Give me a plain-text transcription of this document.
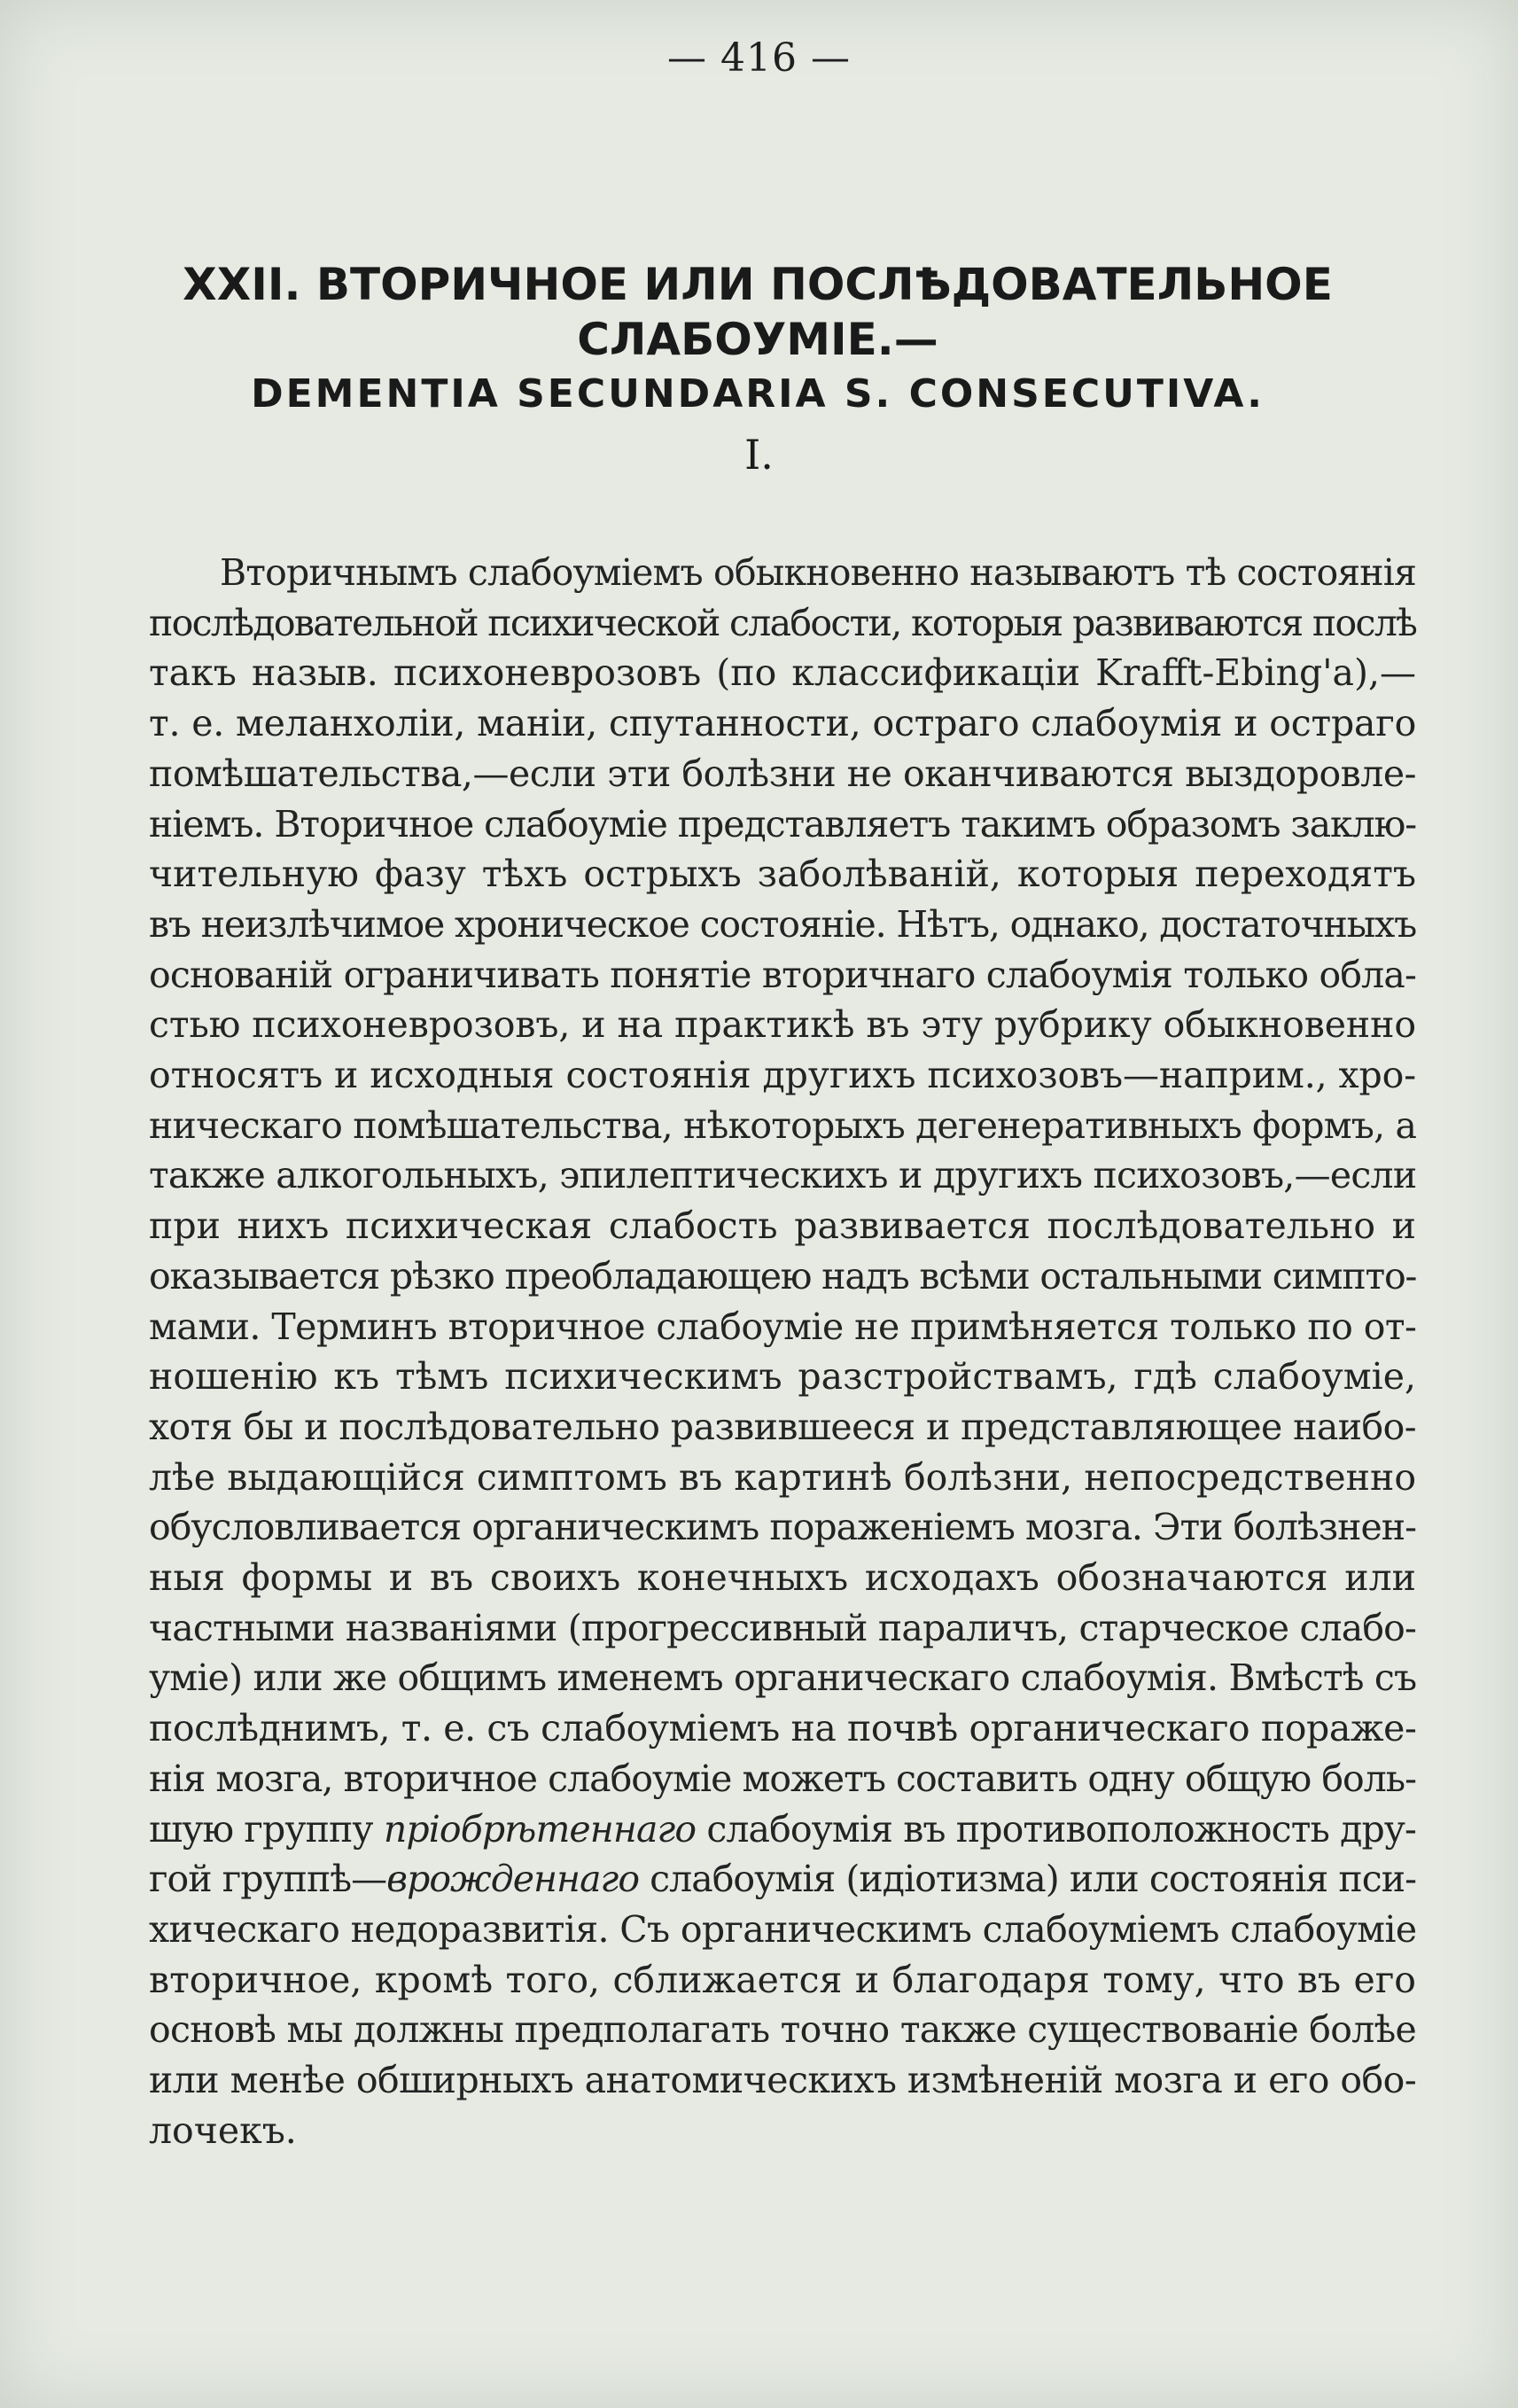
— 416 —
XXII. ВТОРИЧНОЕ ИЛИ ПОСЛѢДОВАТЕЛЬНОЕ СЛАБОУМІЕ.—
DEMENTIA SECUNDARIA S. CONSECUTIVA.
I.
Вторичнымъ слабоуміемъ обыкновенно называютъ тѣ состоянія
послѣдовательной психической слабости, которыя развиваются послѣ
такъ назыв. психоневрозовъ (по классификаціи Krafft-Ebing'a),—
т. е. меланхоліи, маніи, спутанности, остраго слабоумія и остраго
помѣшательства,—если эти болѣзни не оканчиваются выздоровле-
ніемъ. Вторичное слабоуміе представляетъ такимъ образомъ заклю-
чительную фазу тѣхъ острыхъ заболѣваній, которыя переходятъ
въ неизлѣчимое хроническое состояніе. Нѣтъ, однако, достаточныхъ
основаній ограничивать понятіе вторичнаго слабоумія только обла-
стью психоневрозовъ, и на практикѣ въ эту рубрику обыкновенно
относятъ и исходныя состоянія другихъ психозовъ—наприм., хро-
ническаго помѣшательства, нѣкоторыхъ дегенеративныхъ формъ, а
также алкогольныхъ, эпилептическихъ и другихъ психозовъ,—если
при нихъ психическая слабость развивается послѣдовательно и
оказывается рѣзко преобладающею надъ всѣми остальными симпто-
мами. Терминъ вторичное слабоуміе не примѣняется только по от-
ношенію къ тѣмъ психическимъ разстройствамъ, гдѣ слабоуміе,
хотя бы и послѣдовательно развившееся и представляющее наибо-
лѣе выдающійся симптомъ въ картинѣ болѣзни, непосредственно
обусловливается органическимъ пораженіемъ мозга. Эти болѣзнен-
ныя формы и въ своихъ конечныхъ исходахъ обозначаются или
частными названіями (прогрессивный параличъ, старческое слабо-
уміе) или же общимъ именемъ органическаго слабоумія. Вмѣстѣ съ
послѣднимъ, т. е. съ слабоуміемъ на почвѣ органическаго пораже-
нія мозга, вторичное слабоуміе можетъ составить одну общую боль-
шую группу пріобрѣтеннаго слабоумія въ противоположность дру-
гой группѣ—врожденнаго слабоумія (идіотизма) или состоянія пси-
хическаго недоразвитія. Съ органическимъ слабоуміемъ слабоуміе
вторичное, кромѣ того, сближается и благодаря тому, что въ его
основѣ мы должны предполагать точно также существованіе болѣе
или менѣе обширныхъ анатомическихъ измѣненій мозга и его обо-
лочекъ.
